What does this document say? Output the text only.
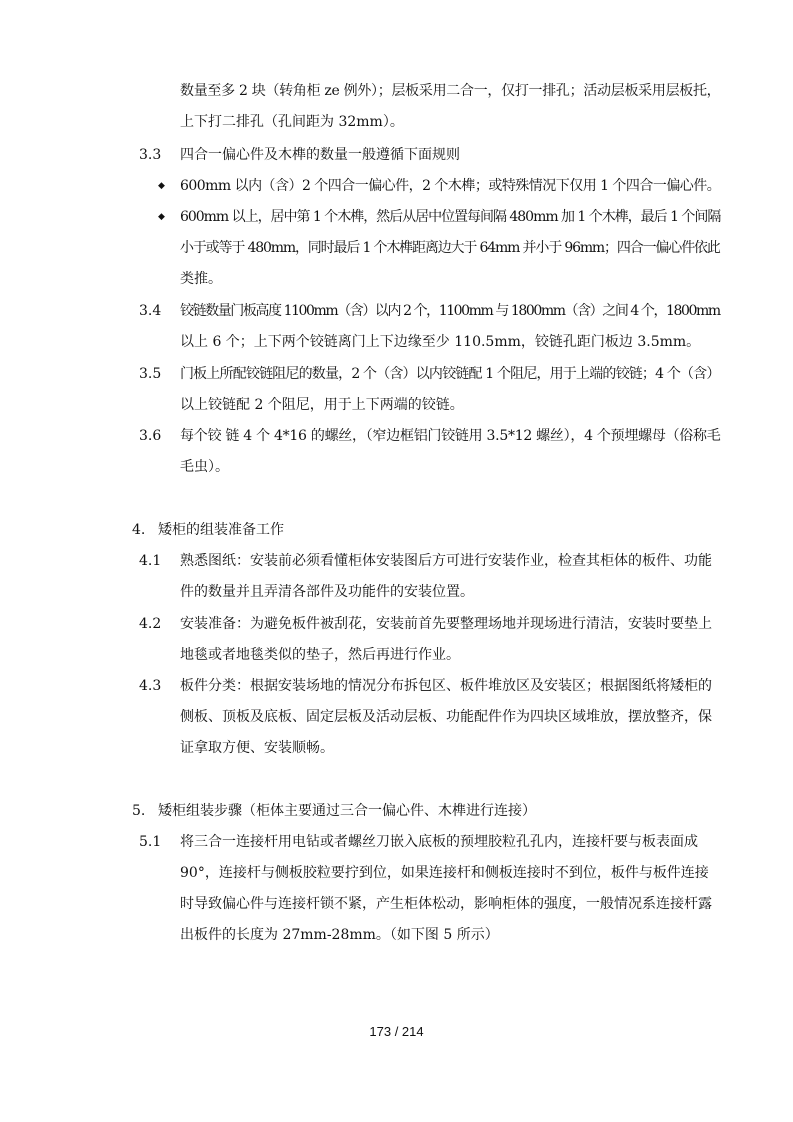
数量至多 2 块（转角柜 ze 例外）；层板采用二合一，仅打一排孔；活动层板采用层板托，
上下打二排孔（孔间距为 32mm）。
3.3 四合一偏心件及木榫的数量一般遵循下面规则
◆ 600mm 以内（含）2 个四合一偏心件，2 个木榫；或特殊情况下仅用 1 个四合一偏心件。
◆ 600mm 以上，居中第 1 个木榫，然后从居中位置每间隔 480mm 加 1 个木榫，最后 1 个间隔
小于或等于 480mm，同时最后 1 个木榫距离边大于 64mm 并小于 96mm；四合一偏心件依此
类推。
3.4 铰链数量门板高度 1100mm（含）以内 2 个，1100mm 与 1800mm（含）之间 4 个，1800mm
以上 6 个；上下两个铰链离门上下边缘至少 110.5mm，铰链孔距门板边 3.5mm。
3.5 门板上所配铰链阻尼的数量，2 个（含）以内铰链配 1 个阻尼，用于上端的铰链；4 个（含）
以上铰链配 2 个阻尼，用于上下两端的铰链。
3.6 每个铰 链 4 个 4*16 的螺丝，（窄边框铝门铰链用 3.5*12 螺丝），4 个预埋螺母（俗称毛
毛虫）。
4. 矮柜的组装准备工作
4.1 熟悉图纸：安装前必须看懂柜体安装图后方可进行安装作业，检查其柜体的板件、功能
件的数量并且弄清各部件及功能件的安装位置。
4.2 安装准备：为避免板件被刮花，安装前首先要整理场地并现场进行清洁，安装时要垫上
地毯或者地毯类似的垫子，然后再进行作业。
4.3 板件分类：根据安装场地的情况分布拆包区、板件堆放区及安装区；根据图纸将矮柜的
侧板、顶板及底板、固定层板及活动层板、功能配件作为四块区域堆放，摆放整齐，保
证拿取方便、安装顺畅。
5. 矮柜组装步骤（柜体主要通过三合一偏心件、木榫进行连接）
5.1 将三合一连接杆用电钻或者螺丝刀嵌入底板的预埋胶粒孔孔内，连接杆要与板表面成
90°，连接杆与侧板胶粒要拧到位，如果连接杆和侧板连接时不到位，板件与板件连接
时导致偏心件与连接杆锁不紧，产生柜体松动，影响柜体的强度，一般情况系连接杆露
出板件的长度为 27mm-28mm。（如下图 5 所示）
173 / 214
